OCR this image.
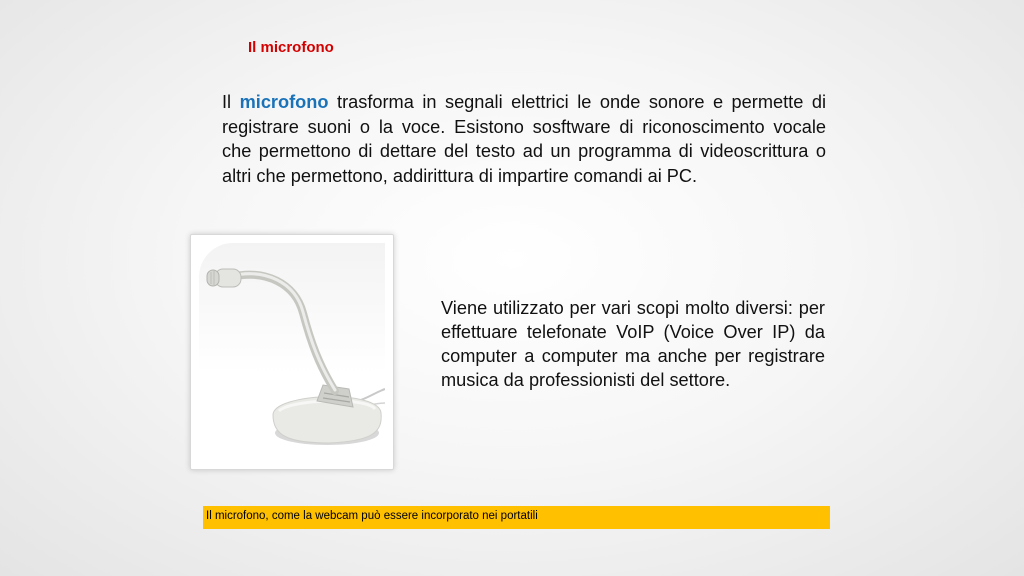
Il microfono
Il microfono trasforma in segnali elettrici le onde sonore e permette di registrare suoni o la voce. Esistono sosftware di riconoscimento vocale che permettono di dettare del testo ad un programma di videoscrittura o altri che permettono, addirittura di impartire comandi ai PC.
Viene utilizzato per vari scopi molto diversi: per effettuare telefonate VoIP (Voice Over IP) da computer a computer ma anche per registrare musica da professionisti del settore.
Il microfono, come la webcam può essere incorporato nei portatili
